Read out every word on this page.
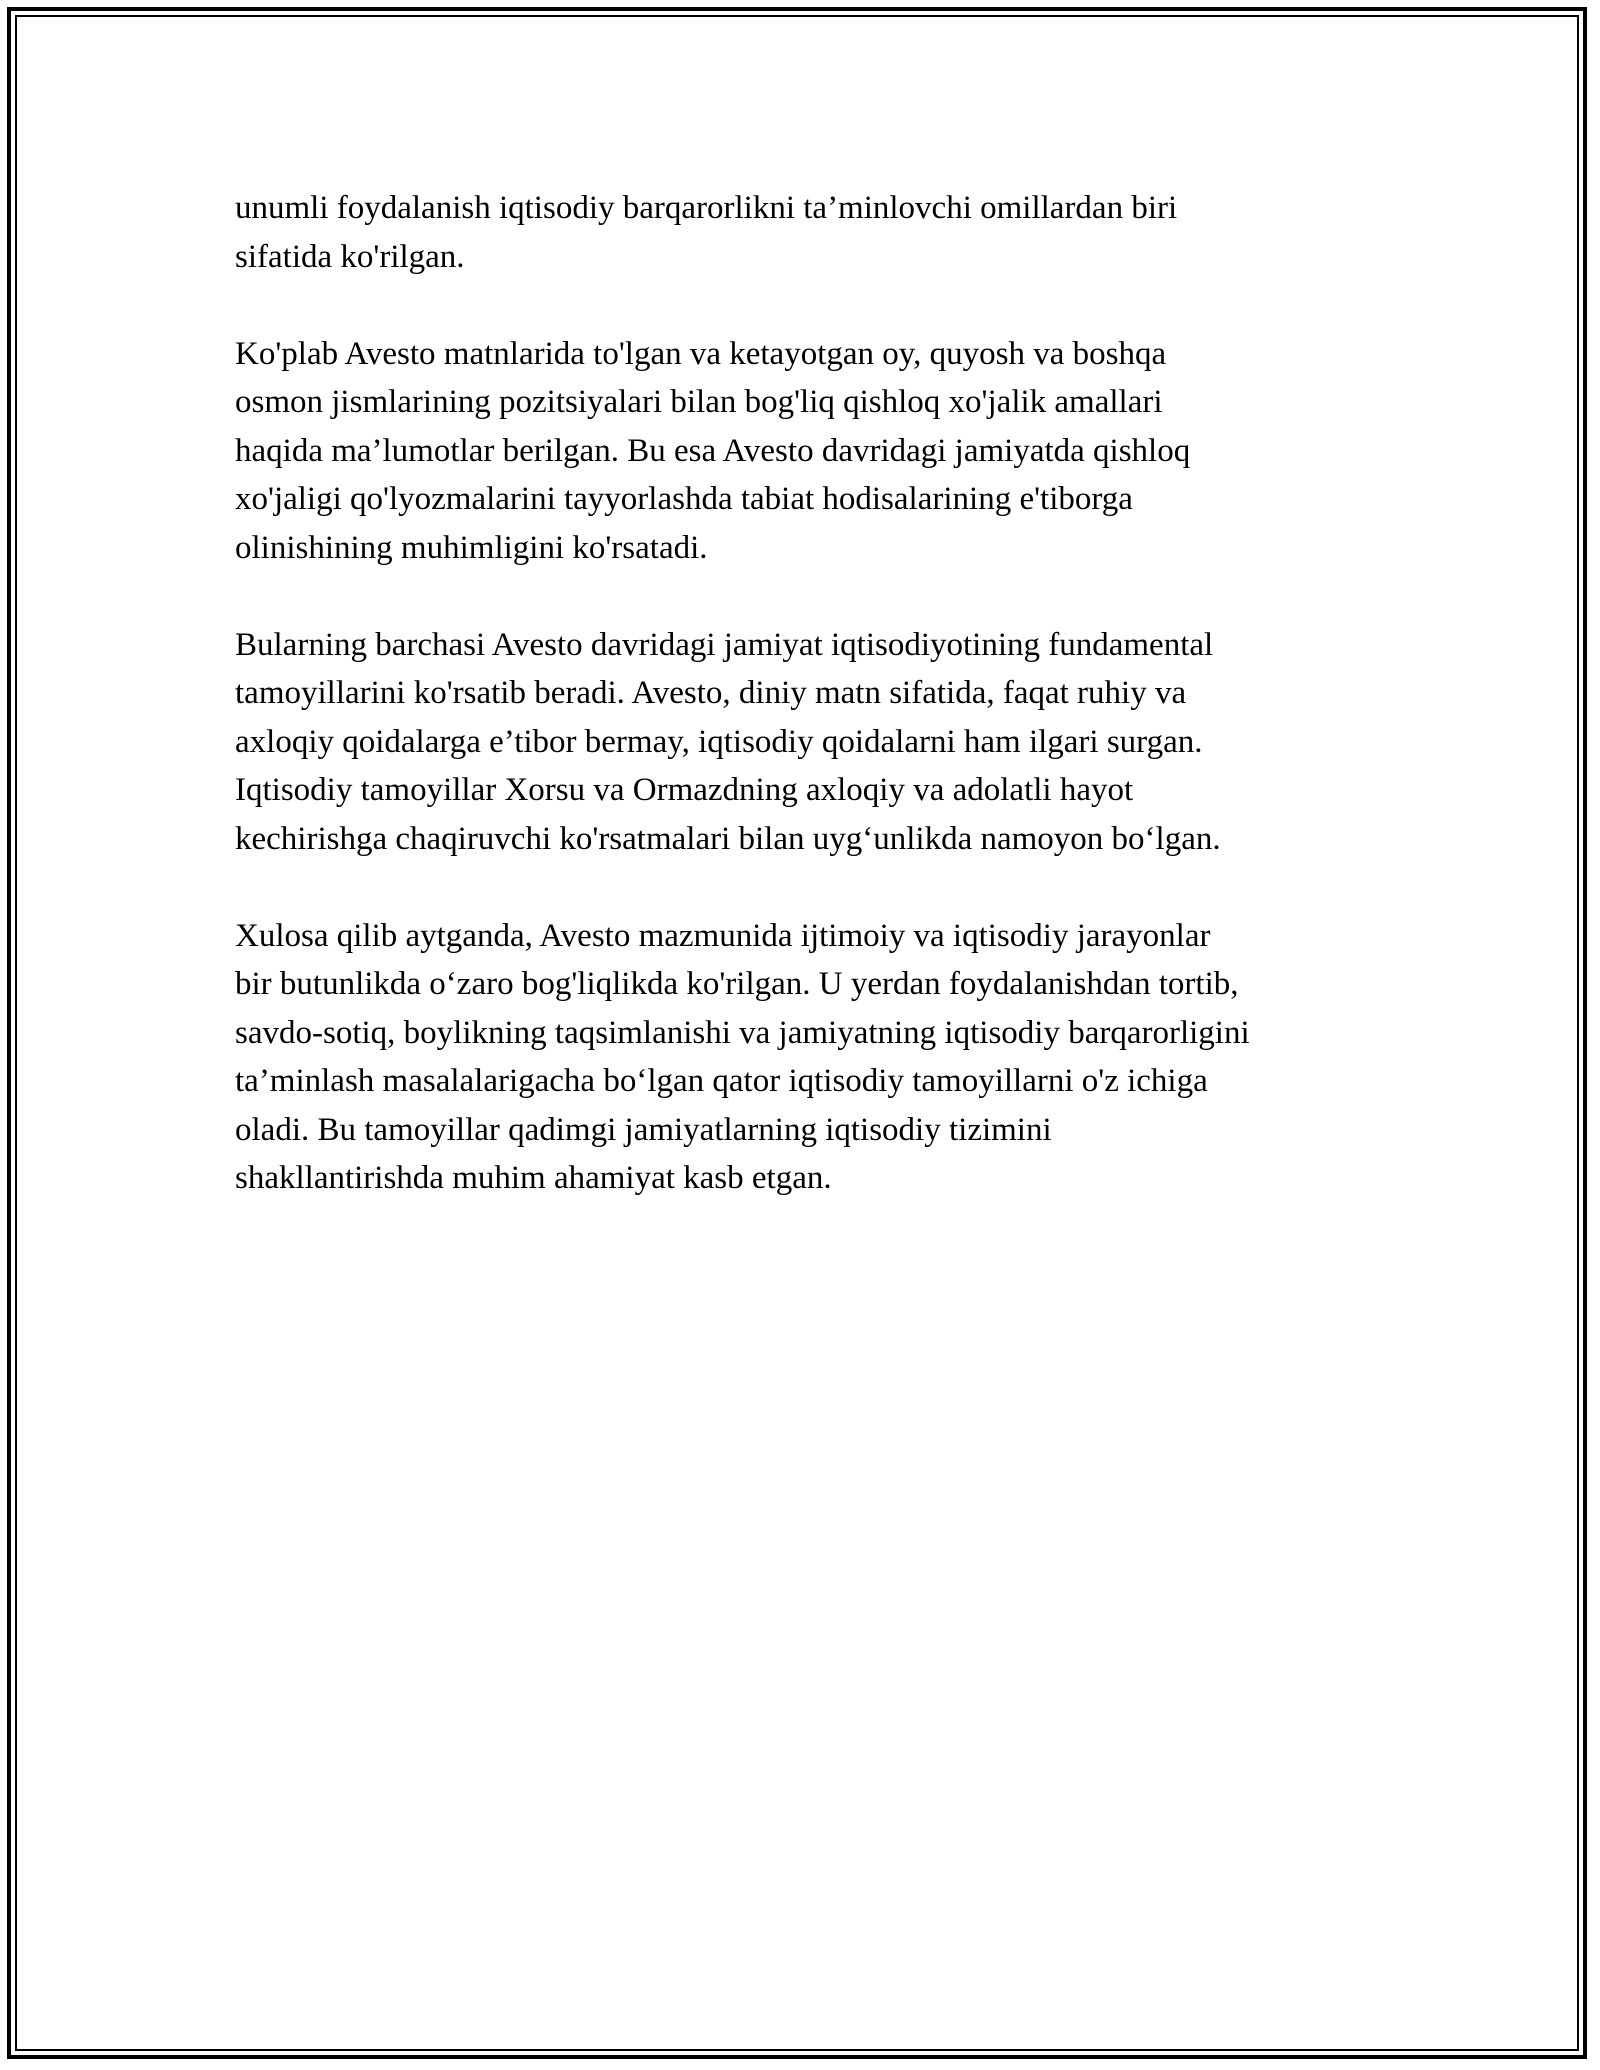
unumli foydalanish iqtisodiy barqarorlikni ta’minlovchi omillardan biri
sifatida ko'rilgan.

Ko'plab Avesto matnlarida to'lgan va ketayotgan oy, quyosh va boshqa
osmon jismlarining pozitsiyalari bilan bog'liq qishloq xo'jalik amallari
haqida ma’lumotlar berilgan. Bu esa Avesto davridagi jamiyatda qishloq
xo'jaligi qo'lyozmalarini tayyorlashda tabiat hodisalarining e'tiborga
olinishining muhimligini ko'rsatadi.

Bularning barchasi Avesto davridagi jamiyat iqtisodiyotining fundamental
tamoyillarini ko'rsatib beradi. Avesto, diniy matn sifatida, faqat ruhiy va
axloqiy qoidalarga e’tibor bermay, iqtisodiy qoidalarni ham ilgari surgan.
Iqtisodiy tamoyillar Xorsu va Ormazdning axloqiy va adolatli hayot
kechirishga chaqiruvchi ko'rsatmalari bilan uyg‘unlikda namoyon bo‘lgan.

Xulosa qilib aytganda, Avesto mazmunida ijtimoiy va iqtisodiy jarayonlar
bir butunlikda o‘zaro bog'liqlikda ko'rilgan. U yerdan foydalanishdan tortib,
savdo-sotiq, boylikning taqsimlanishi va jamiyatning iqtisodiy barqarorligini
ta’minlash masalalarigacha bo‘lgan qator iqtisodiy tamoyillarni o'z ichiga
oladi. Bu tamoyillar qadimgi jamiyatlarning iqtisodiy tizimini
shakllantirishda muhim ahamiyat kasb etgan.
